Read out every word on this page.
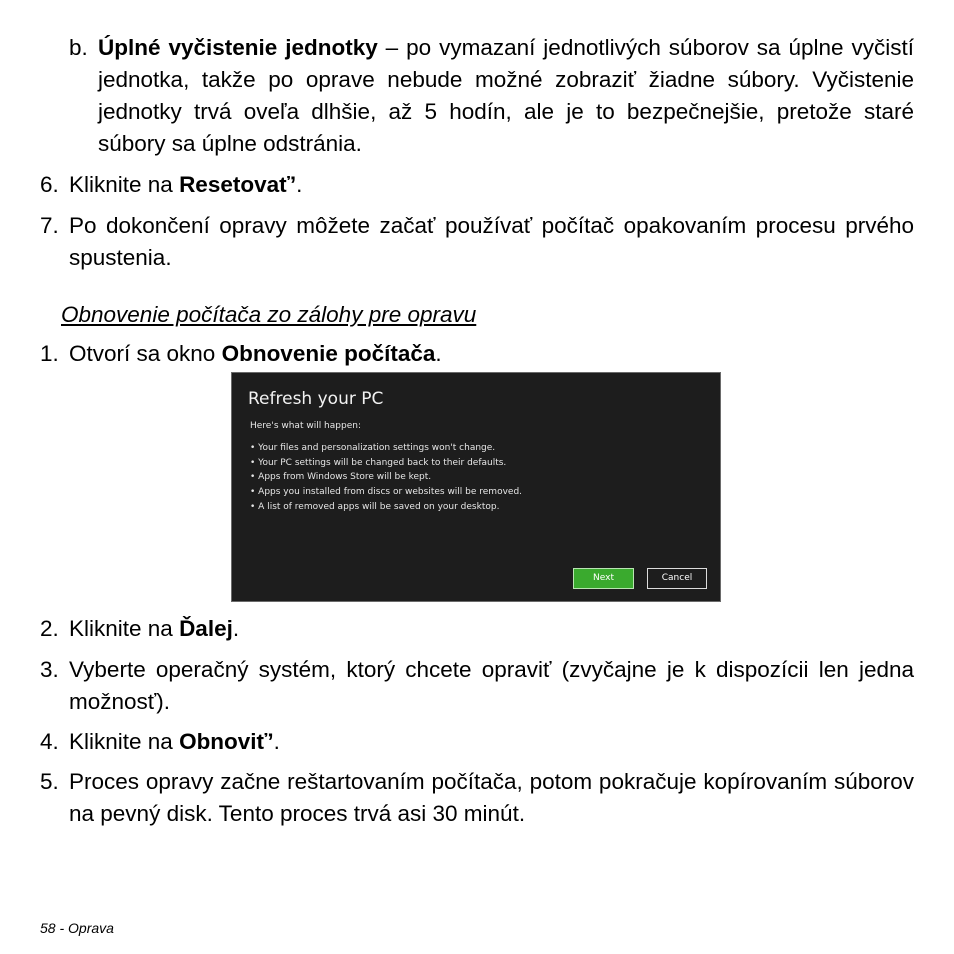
b. Úplné vyčistenie jednotky – po vymazaní jednotlivých súborov sa úplne vyčistí jednotka, takže po oprave nebude možné zobraziť žiadne súbory. Vyčistenie jednotky trvá oveľa dlhšie, až 5 hodín, ale je to bezpečnejšie, pretože staré súbory sa úplne odstránia.
6. Kliknite na Resetovať’.
7. Po dokončení opravy môžete začať používať počítač opakovaním procesu prvého spustenia.
Obnovenie počítača zo zálohy pre opravu
1. Otvorí sa okno Obnovenie počítača.
Refresh your PC
Here's what will happen:
• Your files and personalization settings won't change.
• Your PC settings will be changed back to their defaults.
• Apps from Windows Store will be kept.
• Apps you installed from discs or websites will be removed.
• A list of removed apps will be saved on your desktop.
Next	Cancel
2. Kliknite na Ďalej.
3. Vyberte operačný systém, ktorý chcete opraviť (zvyčajne je k dispozícii len jedna možnosť).
4. Kliknite na Obnoviť’.
5. Proces opravy začne reštartovaním počítača, potom pokračuje kopírovaním súborov na pevný disk. Tento proces trvá asi 30 minút.
58 - Oprava
